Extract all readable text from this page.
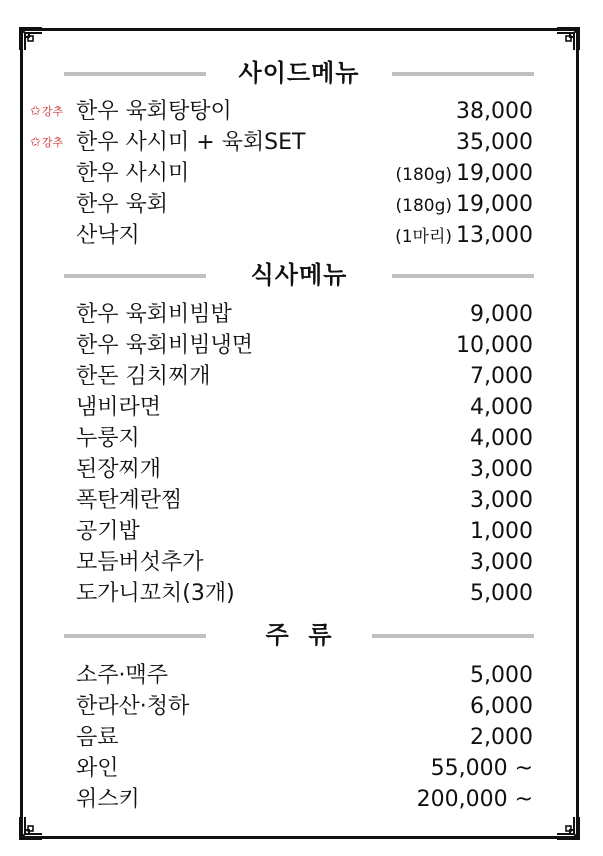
사이드메뉴
✩강추 한우 육회탕탕이	38,000
✩강추 한우 사시미 + 육회SET	35,000
한우 사시미	(180g) 19,000
한우 육회	(180g) 19,000
산낙지	(1마리) 13,000
식사메뉴
한우 육회비빔밥	9,000
한우 육회비빔냉면	10,000
한돈 김치찌개	7,000
냄비라면	4,000
누룽지	4,000
된장찌개	3,000
폭탄계란찜	3,000
공기밥	1,000
모듬버섯추가	3,000
도가니꼬치(3개)	5,000
주  류
소주·맥주	5,000
한라산·청하	6,000
음료	2,000
와인	55,000 ~
위스키	200,000 ~
